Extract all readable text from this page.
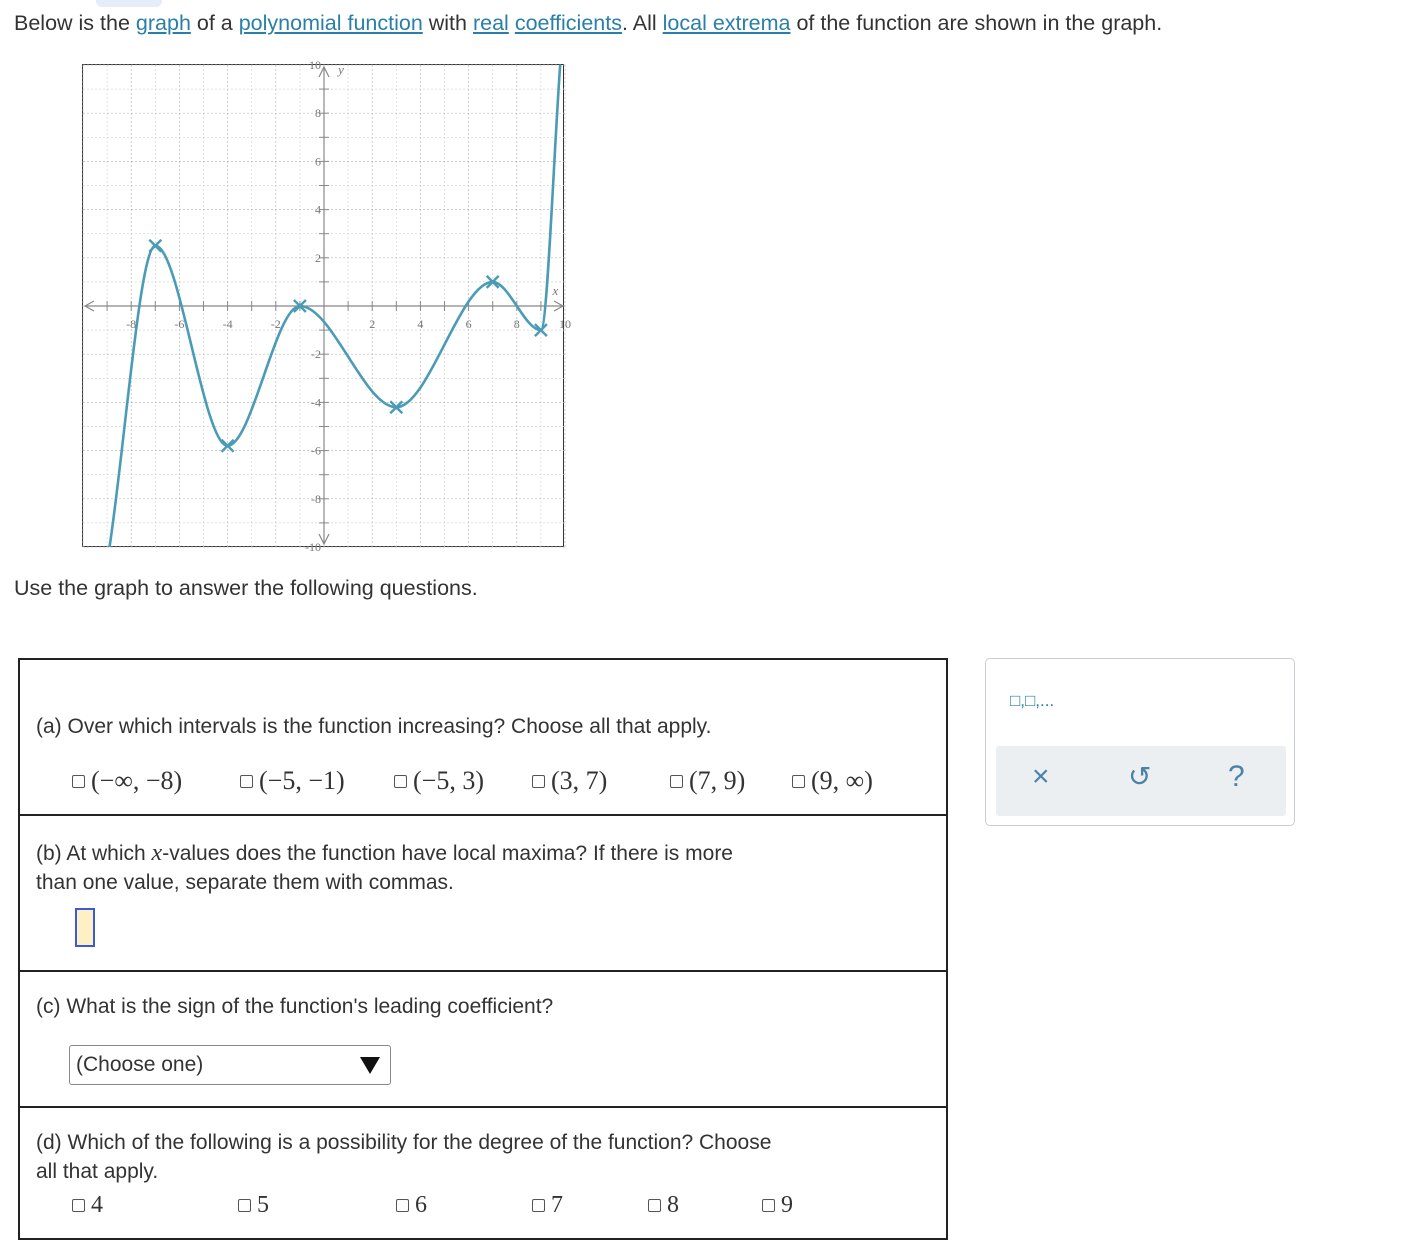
Below is the graph of a polynomial function with real coefficients. All local extrema of the function are shown in the graph.
-8	-6	-4	-2	2	4	6	8	10
10
8
6
4
2
-2
-4
-6
-8
-10
x
y
Use the graph to answer the following questions.
(a) Over which intervals is the function increasing? Choose all that apply.
(−∞, −8)	(−5, −1)	(−5, 3)	(3, 7)	(7, 9)	(9, ∞)
(b) At which x-values does the function have local maxima? If there is more
than one value, separate them with commas.
(c) What is the sign of the function's leading coefficient?
(Choose one)
(d) Which of the following is a possibility for the degree of the function? Choose
all that apply.
4	5	6	7	8	9
□,□,...
×	↺	?
